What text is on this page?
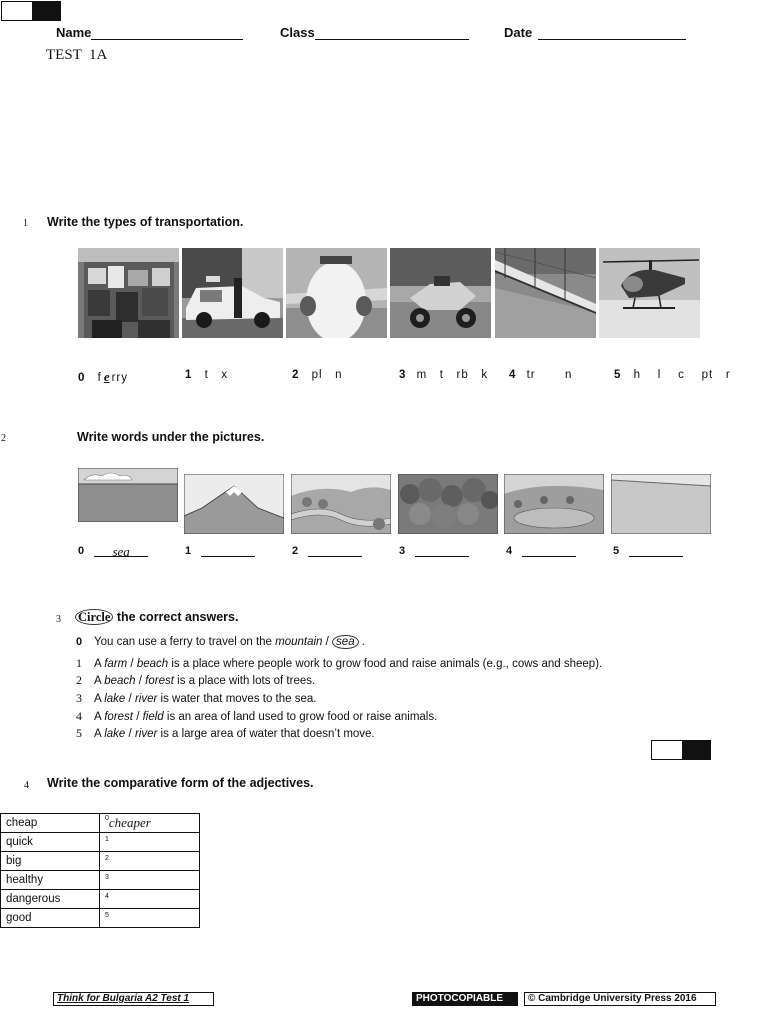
Name	Class	Date
TEST  1A
1 Write the types of transportation.
0 f e rry	1 t   x	2 pl   n	3 m   t   rb   k 4 tr       n	5 h    l    c    pt   r
2	Write words under the pictures.
0 sea	1	2	3	4	5
3 Circle the correct answers.
0 You can use a ferry to travel on the mountain / sea .
1 A farm / beach is a place where people work to grow food and raise animals (e.g., cows and sheep).
2 A beach / forest is a place with lots of trees.
3 A lake / river is water that moves to the sea.
4 A forest / field is an area of land used to grow food or raise animals.
5 A lake / river is a large area of water that doesn’t move.
4 Write the comparative form of the adjectives.
cheap	$^0$cheaper
quick	$^1$
big	$^2$
healthy	$^3$
dangerous	$^4$
good	$^5$
Think for Bulgaria A2 Test 1	PHOTOCOPIABLE	© Cambridge University Press 2016
